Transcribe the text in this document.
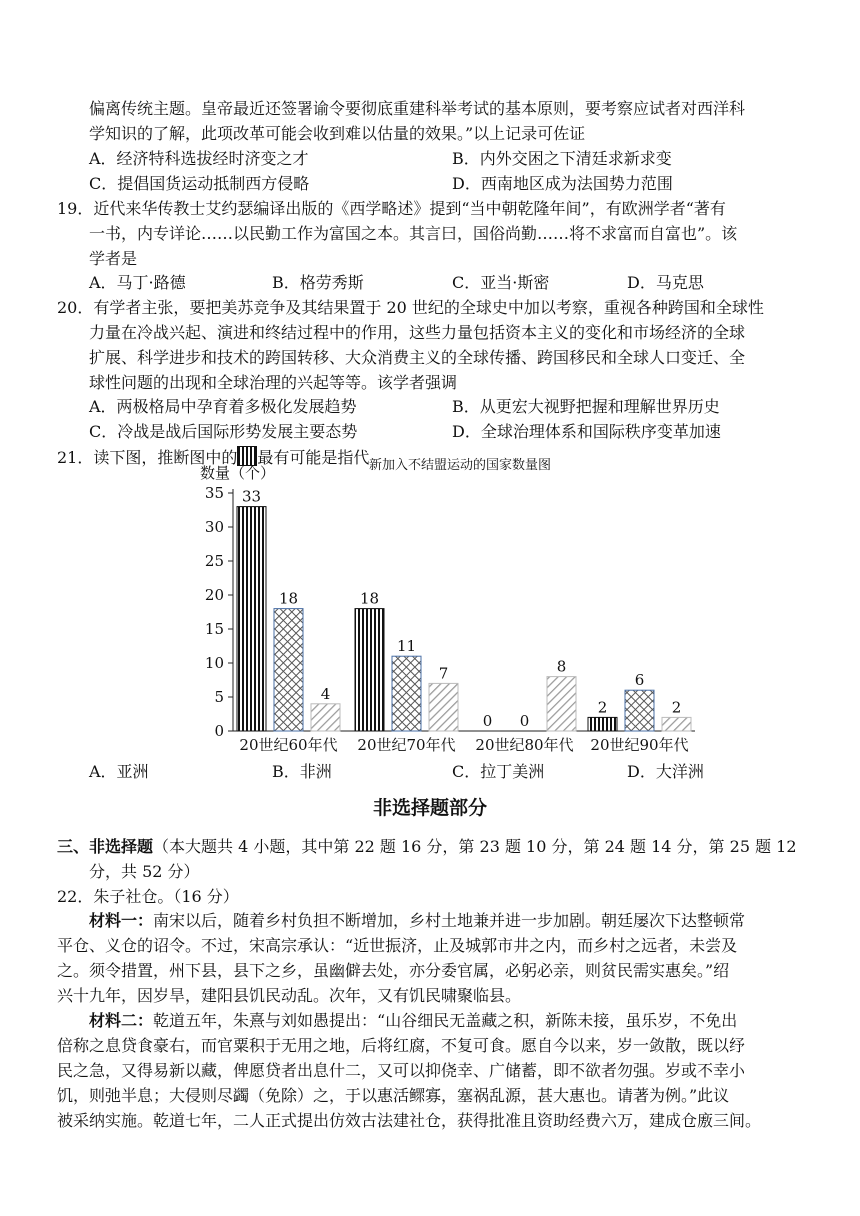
偏离传统主题。皇帝最近还签署谕令要彻底重建科举考试的基本原则，要考察应试者对西洋科
学知识的了解，此项改革可能会收到难以估量的效果。”以上记录可佐证
A．经济特科选拔经时济变之才	B．内外交困之下清廷求新求变
C．提倡国货运动抵制西方侵略	D．西南地区成为法国势力范围
19．近代来华传教士艾约瑟编译出版的《西学略述》提到“当中朝乾隆年间”，有欧洲学者“著有
一书，内专详论……以民勤工作为富国之本。其言曰，国俗尚勤……将不求富而自富也”。该
学者是
A．马丁·路德	B．格劳秀斯	C．亚当·斯密	D．马克思
20．有学者主张，要把美苏竞争及其结果置于 20 世纪的全球史中加以考察，重视各种跨国和全球性
力量在冷战兴起、演进和终结过程中的作用，这些力量包括资本主义的变化和市场经济的全球
扩展、科学进步和技术的跨国转移、大众消费主义的全球传播、跨国移民和全球人口变迁、全
球性问题的出现和全球治理的兴起等等。该学者强调
A．两极格局中孕育着多极化发展趋势	B．从更宏大视野把握和理解世界历史
C．冷战是战后国际形势发展主要态势	D．全球治理体系和国际秩序变革加速
21．读下图，推断图中的 最有可能是指代 新加入不结盟运动的国家数量图
数量（个）
0
5
10
15
20
25
30
35 33
18
4
20世纪60年代
18
11
7
20世纪70年代
0 0
8
20世纪80年代
2
6
2
20世纪90年代
A．亚洲	B．非洲	C．拉丁美洲	D．大洋洲
非选择题部分
三、非选择题（本大题共 4 小题，其中第 22 题 16 分，第 23 题 10 分，第 24 题 14 分，第 25 题 12
分，共 52 分）
22．朱子社仓。（16 分）
材料一：南宋以后，随着乡村负担不断增加，乡村土地兼并进一步加剧。朝廷屡次下达整顿常
平仓、义仓的诏令。不过，宋高宗承认：“近世振济，止及城郭市井之内，而乡村之远者，未尝及
之。须令措置，州下县，县下之乡，虽幽僻去处，亦分委官属，必躬必亲，则贫民需实惠矣。”绍
兴十九年，因岁旱，建阳县饥民动乱。次年，又有饥民啸聚临县。
材料二：乾道五年，朱熹与刘如愚提出：“山谷细民无盖藏之积，新陈未接，虽乐岁，不免出
倍称之息贷食豪右，而官粟积于无用之地，后将红腐，不复可食。愿自今以来，岁一敛散，既以纾
民之急，又得易新以藏，俾愿贷者出息什二，又可以抑侥幸、广储蓄，即不欲者勿强。岁或不幸小
饥，则弛半息；大侵则尽蠲（免除）之，于以惠活鳏寡，塞祸乱源，甚大惠也。请著为例。”此议
被采纳实施。乾道七年，二人正式提出仿效古法建社仓，获得批准且资助经费六万，建成仓廒三间。
